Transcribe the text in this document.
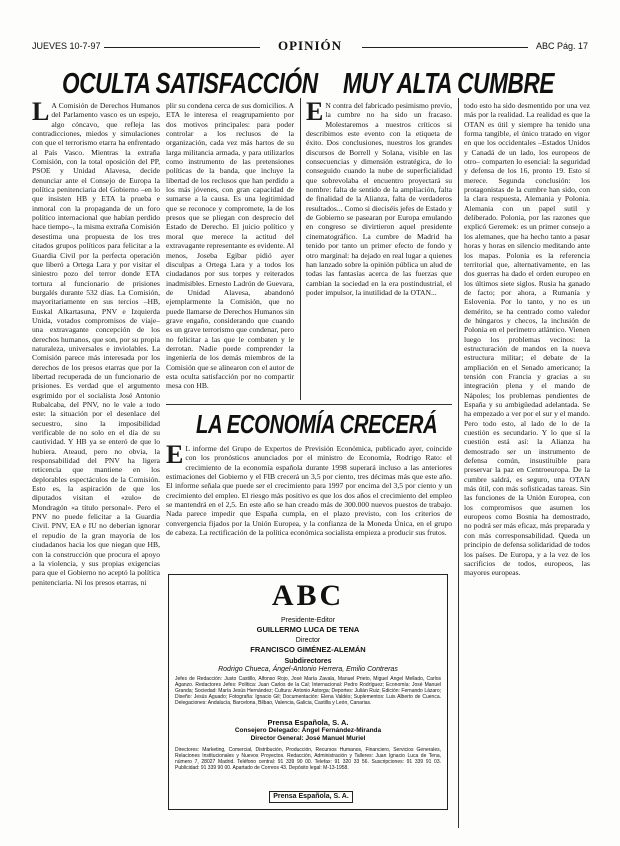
JUEVES 10-7-97	OPINIÓN	ABC Pág. 17
OCULTA SATISFACCIÓN MUY ALTA CUMBRE
L A Comisión de Derechos Humanos del Parlamento vasco es un espejo, algo cóncavo, que refleja las contradicciones, miedos y simulaciones con que el terrorismo etarra ha enfrentado al País Vasco. Mientras la extraña Comisión, con la total oposición del PP, PSOE y Unidad Alavesa, decide denunciar ante el Consejo de Europa la política penitenciaria del Gobierno –en lo que insisten HB y ETA la prueba e inmoral con la propaganda de un foro político internacional que habían perdido hace tiempo–, la misma extraña Comisión desestima una propuesta de los tres citados grupos políticos para felicitar a la Guardia Civil por la perfecta operación que liberó a Ortega Lara y por visitar el siniestro pozo del terror donde ETA tortura al funcionario de prisiones burgalés durante 532 días. La Comisión, mayoritariamente en sus tercios –HB, Euskal Alkartasuna, PNV e Izquierda Unida, votados compromisos de viaje– una extravagante concepción de los derechos humanos, que son, por su propia naturaleza, universales e inviolables. La Comisión parece más interesada por los derechos de los presos etarras que por la libertad recuperada de un funcionario de prisiones. Es verdad que el argumento esgrimido por el socialista José Antonio Rubalcaba, del PNV, no le vale a todo este: la situación por el desenlace del secuestro, sino la imposibilidad verificable de no solo en el día de su cautividad. Y HB ya se enteró de que lo hubiera. Ateaud, pero no obvia, la responsabilidad del PNV ha ligera reticencia que mantiene en los deplorables espectáculos de la Comisión. Esto es, la aspiración de que los diputados visitan el «zulo» de Mondragón «a título personal». Pero el PNV no puede felicitar a la Guardia Civil. PNV, EA e IU no deberían ignorar el repudio de la gran mayoría de los ciudadanos hacia los que niegan que HB, con la construcción que procura el apoyo a la violencia, y sus propias exigencias para que el Gobierno no aceptó la política penitenciaria. Ni los presos etarras, ni
plir su condena cerca de sus domicilios. A ETA le interesa el reagrupamiento por dos motivos principales: para poder controlar a los reclusos de la organización, cada vez más hartos de su larga militancia armada, y para utilizarlos como instrumento de las pretensiones políticas de la banda, que incluye la libertad de los reclusos que han perdido a los más jóvenes, con gran capacidad de sumarse a la causa. Es una legitimidad que se reconoce y compromete, la de los presos que se pliegan con desprecio del Estado de Derecho. El juicio político y moral que merece la actitud del extravagante representante es evidente. Al menos, Joseba Egibar pidió ayer disculpas a Ortega Lara y a todos los ciudadanos por sus torpes y reiterados inadmisibles. Ernesto Ladrón de Guevara, de Unidad Alavesa, abandonó ejemplarmente la Comisión, que no puede llamarse de Derechos Humanos sin grave engaño, considerando que cuando es un grave terrorismo que condenar, pero no felicitar a las que le combaten y le derrotan. Nadie puede comprender la ingeniería de los demás miembros de la Comisión que se alinearon con el autor de esta oculta satisfacción por no compartir mesa con HB.
E N contra del fabricado pesimismo previo, la cumbre no ha sido un fracaso. Molestaremos a nuestros críticos si describimos este evento con la etiqueta de éxito. Dos conclusiones, nuestros los grandes discursos de Borrell y Solana, visible en las consecuencias y dimensión estratégica, de lo conseguido cuando la nube de superficialidad que sobrevolaba el encuentro proyectará su nombre: falta de sentido de la ampliación, falta de finalidad de la Alianza, falta de verdaderos resultados... Como si dieciséis jefes de Estado y de Gobierno se pasearan por Europa emulando en congreso se divirtieron aquel presidente cinematográfico. La cumbre de Madrid ha tenido por tanto un primer efecto de fondo y otro marginal: ha dejado en real lugar a quienes han lanzado sobre la opinión pública un alud de todas las fantasías acerca de las fuerzas que cambian la sociedad en la era postindustrial, el poder impulsor, la inutilidad de la OTAN...
todo esto ha sido desmentido por una vez más por la realidad. La realidad es que la OTAN es útil y siempre ha tenido una forma tangible, el único tratado en vigor en que los occidentales –Estados Unidos y Canadá de un lado, los europeos de otro– comparten lo esencial: la seguridad y defensa de los 16, pronto 19. Esto sí merece. Segunda conclusión: los protagonistas de la cumbre han sido, con la clara respuesta, Alemania y Polonia. Alemania con un papel sutil y deliberado. Polonia, por las razones que explicó Geremek: es un primer consejo a los alemanes, que ha hecho tanto a pasar horas y horas en silencio meditando ante los mapas. Polonia es la referencia territorial que, alternativamente, en las dos guerras ha dado el orden europeo en los últimos siete siglos. Rusia ha ganado de facto; por ahora, a Rumanía y Eslovenia. Por lo tanto, y no es un demérito, se ha centrado como valedor de húngaros y checos, la inclusión de Polonia en el perímetro atlántico. Vienen luego los problemas vecinos: la estructuración de mandos en la nueva estructura militar; el debate de la ampliación en el Senado americano; la tensión con Francia y gracias a su integración plena y el mando de Nápoles; los problemas pendientes de España y su ambigüedad adelantada. Se ha empezado a ver por el sur y el mando. Pero todo esto, al lado de lo de la cuestión es secundario. Y lo que sí la cuestión está así: la Alianza ha demostrado ser un instrumento de defensa común, insustituible para preservar la paz en Centroeuropa. De la cumbre saldrá, es seguro, una OTAN más útil, con más sofisticadas tareas. Sin las funciones de la Unión Europea, con los compromisos que asumen los europeos como Bosnia ha demostrado, no podrá ser más eficaz, más preparada y con más corresponsabilidad. Queda un principio de defensa solidaridad de todos los países. De Europa, y a la vez de los sacrificios de todos, europeos, las mayores europeas.
LA ECONOMÍA CRECERÁ
E L informe del Grupo de Expertos de Previsión Económica, publicado ayer, coincide con los pronósticos anunciados por el ministro de Economía, Rodrigo Rato: el crecimiento de la economía española durante 1998 superará incluso a las anteriores estimaciones del Gobierno y el FIB crecerá un 3,5 por ciento, tres décimas más que este año. El informe señala que puede ser el crecimiento para 1997 por encima del 3,5 por ciento y un crecimiento del empleo. El riesgo más positivo es que los dos años el crecimiento del empleo se mantendrá en el 2,5. En este año se han creado más de 300.000 nuevos puestos de trabajo. Nada parece impedir que España cumpla, en el plazo previsto, con los criterios de convergencia fijados por la Unión Europea, y la confianza de la Moneda Única, en el grupo de cabeza. La rectificación de la política económica socialista empieza a producir sus frutos.
ABC
Presidente-Editor
GUILLERMO LUCA DE TENA
Director
FRANCISCO GIMÉNEZ-ALEMÁN
Subdirectores
Rodrigo Chueca, Ángel-Antonio Herrera, Emilio Contreras
Jefes de Redacción: Justo Castillo, Alfonso Rojo, José María Zavala, Manuel Prieto, Miguel Ángel Mellado, Carlos Aganzo. Redactores Jefes: Política: Juan Carlos de la Cal; Internacional: Pedro Rodríguez; Economía: José Manuel Granda; Sociedad: María Jesús Hernández; Cultura: Antonio Astorga; Deportes: Julián Ruiz; Edición: Fernando Lázaro; Diseño: Jesús Aguado; Fotografía: Ignacio Gil; Documentación: Elena Valdés; Suplementos: Luis Alberto de Cuenca. Delegaciones: Andalucía, Barcelona, Bilbao, Valencia, Galicia, Castilla y León, Canarias.
Prensa Española, S. A.
Consejero Delegado: Ángel Fernández-Miranda
Director General: José Manuel Muriel
Directores: Marketing, Comercial, Distribución, Producción, Recursos Humanos, Financiero, Servicios Generales, Relaciones Institucionales y Nuevos Proyectos. Redacción, Administración y Talleres: Juan Ignacio Luca de Tena, número 7, 28027 Madrid. Teléfono central: 91 339 90 00. Telefax: 91 320 33 56. Suscripciones: 91 339 91 03. Publicidad: 91 339 90 00. Apartado de Correos 43. Depósito legal: M-13-1958.
Prensa Española, S. A.
